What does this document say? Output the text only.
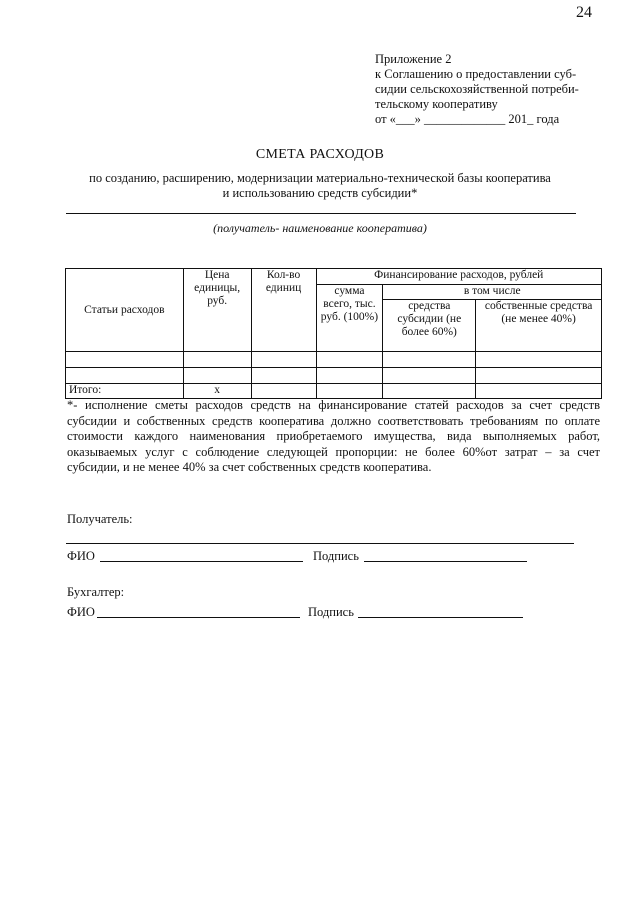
24
Приложение 2
к Соглашению о предоставлении суб-
сидии сельскохозяйственной потреби-
тельскому кооперативу
от «___» _____________ 201_ года
СМЕТА РАСХОДОВ
по созданию, расширению, модернизации материально-технической базы кооператива
и использованию средств субсидии*
(получатель- наименование кооператива)
Статьи расходов	Цена единицы, руб.	Кол-во единиц	Финансирование расходов, рублей		
			сумма всего, тыс. руб. (100%)	в том числе	
				средства субсидии (не более 60%)	собственные средства (не менее 40%)

Итого:	х				
*- исполнение сметы расходов средств на финансирование статей расходов за счет средств субсидии и собственных средств кооператива должно соответствовать требованиям по оплате стоимости каждого наименования приобретаемого имущества, вида выполняемых работ, оказываемых услуг с соблюдение следующей пропорции: не более 60%от затрат – за счет субсидии, и не менее 40% за счет собственных средств кооператива.
Получатель:
ФИО	Подпись
Бухгалтер:
ФИО	Подпись
